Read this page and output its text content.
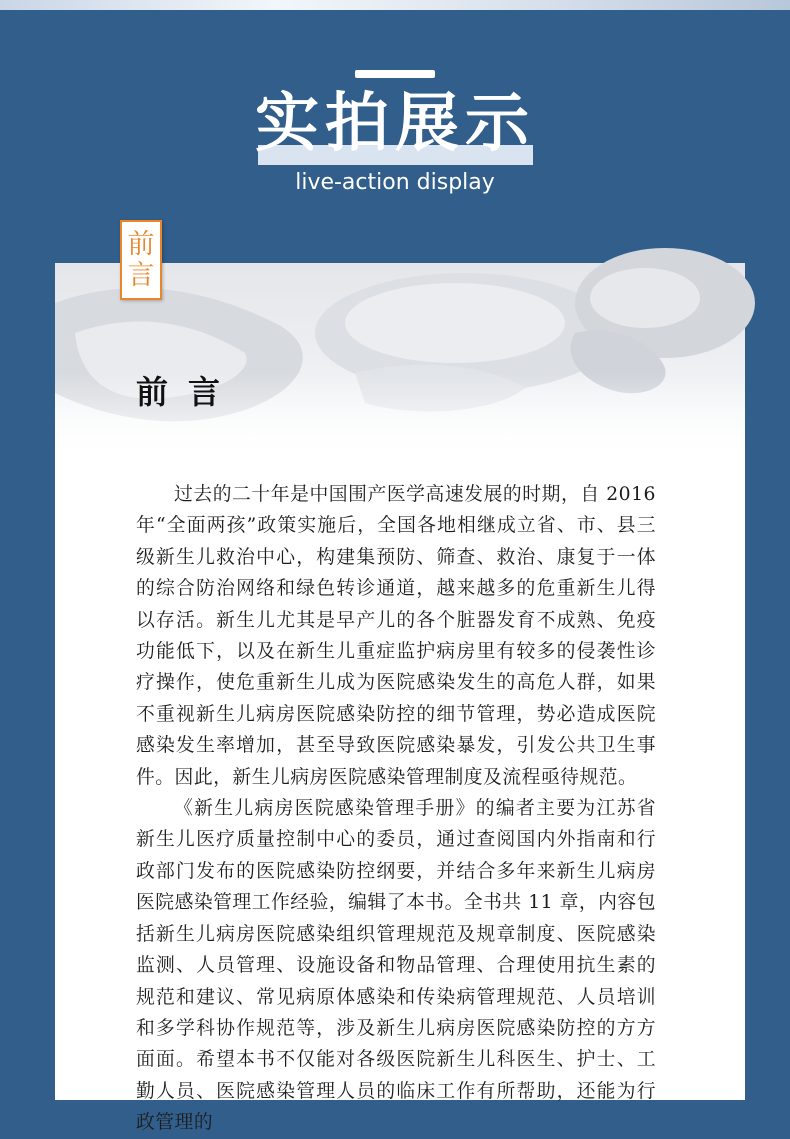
实拍展示
live-action display
前言

过去的二十年是中国围产医学高速发展的时期，自 2016 年“全面两孩”政策实施后，全国各地相继成立省、市、县三级新生儿救治中心，构建集预防、筛查、救治、康复于一体的综合防治网络和绿色转诊通道，越来越多的危重新生儿得以存活。新生儿尤其是早产儿的各个脏器发育不成熟、免疫功能低下，以及在新生儿重症监护病房里有较多的侵袭性诊疗操作，使危重新生儿成为医院感染发生的高危人群，如果不重视新生儿病房医院感染防控的细节管理，势必造成医院感染发生率增加，甚至导致医院感染暴发，引发公共卫生事件。因此，新生儿病房医院感染管理制度及流程亟待规范。

《新生儿病房医院感染管理手册》的编者主要为江苏省新生儿医疗质量控制中心的委员，通过查阅国内外指南和行政部门发布的医院感染防控纲要，并结合多年来新生儿病房医院感染管理工作经验，编辑了本书。全书共 11 章，内容包括新生儿病房医院感染组织管理规范及规章制度、医院感染监测、人员管理、设施设备和物品管理、合理使用抗生素的规范和建议、常见病原体感染和传染病管理规范、人员培训和多学科协作规范等，涉及新生儿病房医院感染防控的方方面面。希望本书不仅能对各级医院新生儿科医生、护士、工勤人员、医院感染管理人员的临床工作有所帮助，还能为行政管理的

前
言
